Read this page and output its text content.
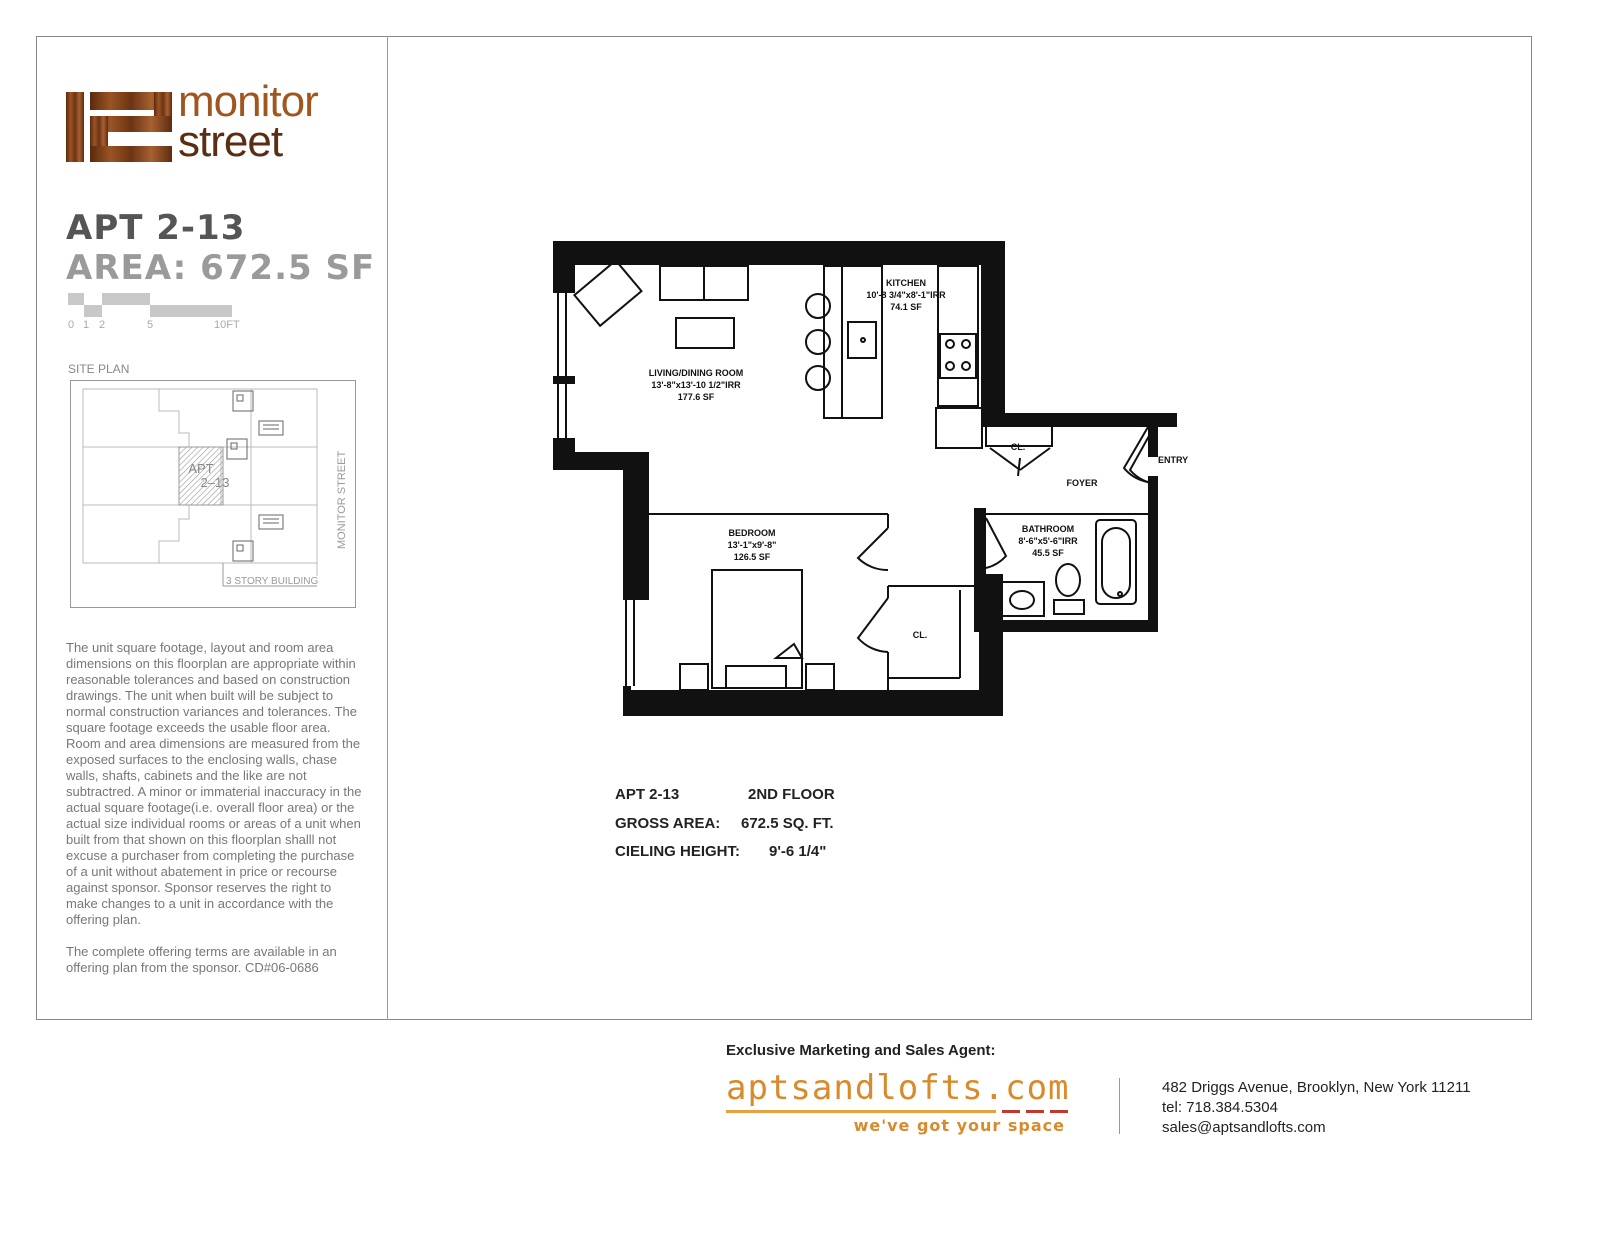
monitor
street
APT 2-13
AREA: 672.5 SF
0 1 2	5	10FT
SITE PLAN
APT
2–13	MONITOR STREET
3 STORY BUILDING

The unit square footage, layout and room area dimensions on this floorplan are appropriate within reasonable tolerances and based on construction drawings. The unit when built will be subject to normal construction variances and tolerances. The square footage exceeds the usable floor area. Room and area dimensions are measured from the exposed surfaces to the enclosing walls, chase walls, shafts, cabinets and the like are not subtractred. A minor or immaterial inaccuracy in the actual square footage(i.e. overall floor area) or the actual size individual rooms or areas of a unit when built from that shown on this floorplan shalll not excuse a purchaser from completing the purchase of a unit without abatement in price or recourse against sponsor. Sponsor reserves the right to make changes to a unit in accordance with the offering plan.

The complete offering terms are available in an offering plan from the sponsor. CD#06-0686

KITCHEN
10'-8 3/4"x8'-1"IRR
74.1 SF
LIVING/DINING ROOM
13'-8"x13'-10 1/2"IRR
177.6 SF
BEDROOM
13'-1"x9'-8"
126.5 SF
BATHROOM
8'-6"x5'-6"IRR
45.5 SF
FOYER
ENTRY
CL.
CL.
APT 2-13	2ND FLOOR
GROSS AREA: 672.5 SQ. FT.
CIELING HEIGHT: 9'-6 1/4"
Exclusive Marketing and Sales Agent:
aptsandlofts.com
we've got your space
482 Driggs Avenue, Brooklyn, New York 11211
tel: 718.384.5304
sales@aptsandlofts.com
